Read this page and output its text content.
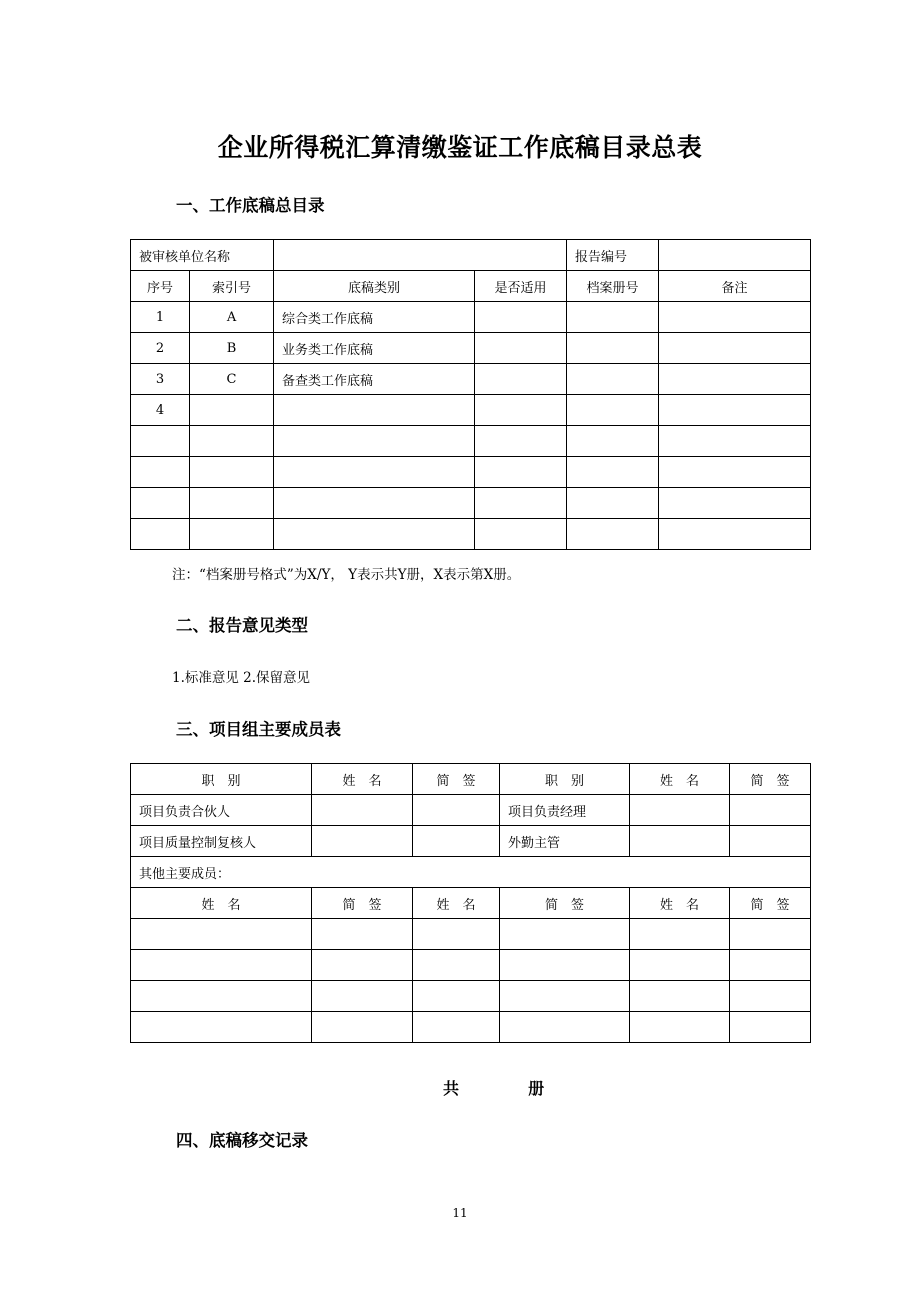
企业所得税汇算清缴鉴证工作底稿目录总表
一、工作底稿总目录
被审核单位名称				报告编号	
序号	索引号	底稿类别	是否适用	档案册号	备注
1	A	综合类工作底稿			
2	B	业务类工作底稿			
3	C	备查类工作底稿			
4					

注：“档案册号格式”为X/Y， Y表示共Y册，X表示第X册。
二、报告意见类型
1.标准意见 2.保留意见
三、项目组主要成员表
职　别	姓　名	简　签	职　别	姓　名	简　签
项目负责合伙人			项目负责经理		
项目质量控制复核人			外勤主管		
其他主要成员：					
姓　名	简　签	姓　名	简　签	姓　名	简　签

共	册
四、底稿移交记录
11
